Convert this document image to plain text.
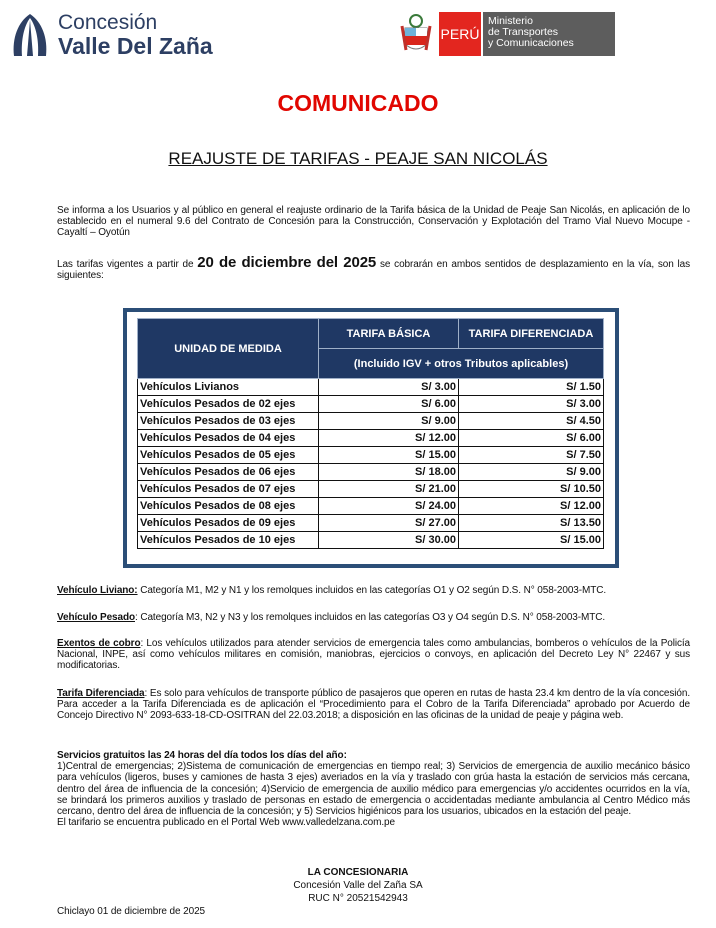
Concesión
Valle Del Zaña	PERÚ
Ministerio
de Transportes
y Comunicaciones
COMUNICADO
REAJUSTE DE TARIFAS - PEAJE SAN NICOLÁS
Se informa a los Usuarios y al público en general el reajuste ordinario de la Tarifa básica de la Unidad de Peaje San Nicolás, en aplicación de lo establecido en el numeral 9.6 del Contrato de Concesión para la Construcción, Conservación y Explotación del Tramo Vial Nuevo Mocupe - Cayaltí – Oyotún
Las tarifas vigentes a partir de 20 de diciembre del 2025 se cobrarán en ambos sentidos de desplazamiento en la vía, son las siguientes:
UNIDAD DE MEDIDA	TARIFA BÁSICA	TARIFA DIFERENCIADA
	(Incluido IGV + otros Tributos aplicables)	
Vehículos Livianos	S/ 3.00	S/ 1.50
Vehículos Pesados de 02 ejes	S/ 6.00	S/ 3.00
Vehículos Pesados de 03 ejes	S/ 9.00	S/ 4.50
Vehículos Pesados de 04 ejes	S/ 12.00	S/ 6.00
Vehículos Pesados de 05 ejes	S/ 15.00	S/ 7.50
Vehículos Pesados de 06 ejes	S/ 18.00	S/ 9.00
Vehículos Pesados de 07 ejes	S/ 21.00	S/ 10.50
Vehículos Pesados de 08 ejes	S/ 24.00	S/ 12.00
Vehículos Pesados de 09 ejes	S/ 27.00	S/ 13.50
Vehículos Pesados de 10 ejes	S/ 30.00	S/ 15.00
Vehículo Liviano: Categoría M1, M2 y N1 y los remolques incluidos en las categorías O1 y O2 según D.S. N° 058-2003-MTC.
Vehículo Pesado: Categoría M3, N2 y N3 y los remolques incluidos en las categorías O3 y O4 según D.S. N° 058-2003-MTC.
Exentos de cobro: Los vehículos utilizados para atender servicios de emergencia tales como ambulancias, bomberos o vehículos de la Policía Nacional, INPE, así como vehículos militares en comisión, maniobras, ejercicios o convoys, en aplicación del Decreto Ley N° 22467 y sus modificatorias.
Tarifa Diferenciada: Es solo para vehículos de transporte público de pasajeros que operen en rutas de hasta 23.4 km dentro de la vía concesión. Para acceder a la Tarifa Diferenciada es de aplicación el “Procedimiento para el Cobro de la Tarifa Diferenciada” aprobado por Acuerdo de Concejo Directivo N° 2093-633-18-CD-OSITRAN del 22.03.2018; a disposición en las oficinas de la unidad de peaje y página web.
Servicios gratuitos las 24 horas del día todos los días del año:
1)Central de emergencias; 2)Sistema de comunicación de emergencias en tiempo real; 3) Servicios de emergencia de auxilio mecánico básico para vehículos (ligeros, buses y camiones de hasta 3 ejes) averiados en la vía y traslado con grúa hasta la estación de servicios más cercana, dentro del área de influencia de la concesión; 4)Servicio de emergencia de auxilio médico para emergencias y/o accidentes ocurridos en la vía, se brindará los primeros auxilios y traslado de personas en estado de emergencia o accidentadas mediante ambulancia al Centro Médico más cercano, dentro del área de influencia de la concesión; y 5) Servicios higiénicos para los usuarios, ubicados en la estación del peaje.
El tarifario se encuentra publicado en el Portal Web www.valledelzana.com.pe
LA CONCESIONARIA
Concesión Valle del Zaña SA
RUC N° 20521542943
Chiclayo 01 de diciembre de 2025
